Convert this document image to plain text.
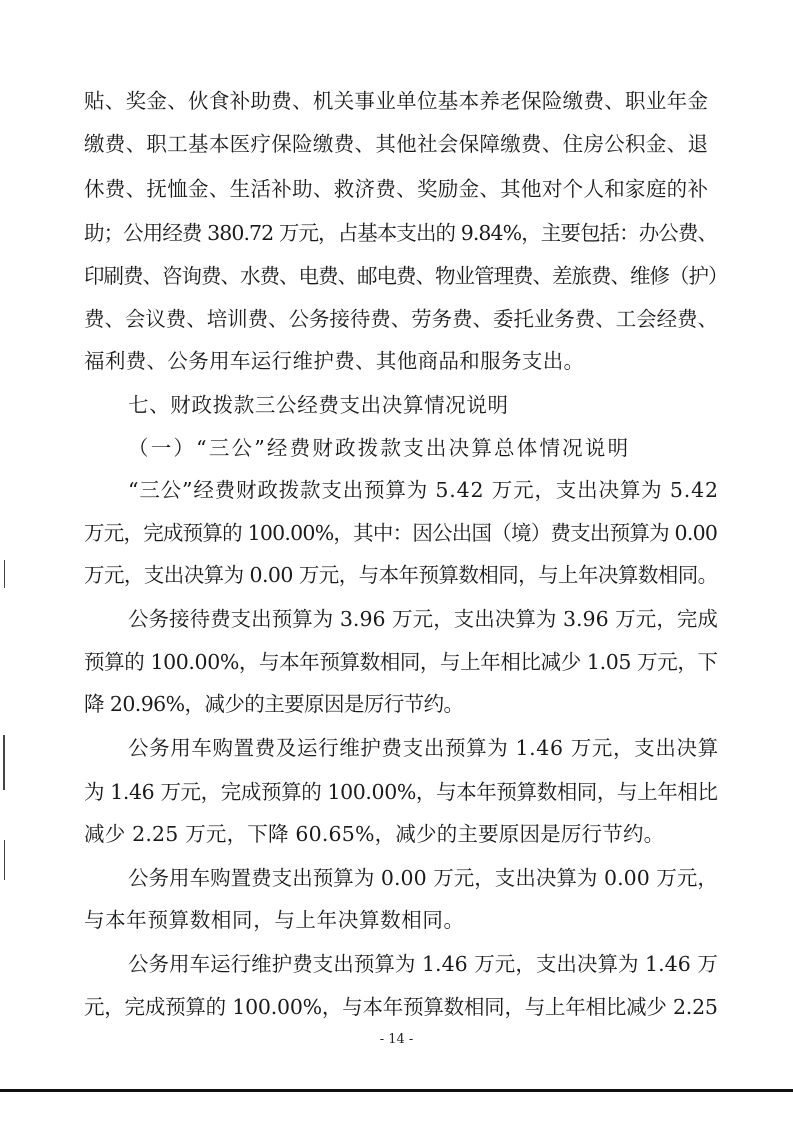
贴、奖金、伙食补助费、机关事业单位基本养老保险缴费、职业年金
缴费、职工基本医疗保险缴费、其他社会保障缴费、住房公积金、退
休费、抚恤金、生活补助、救济费、奖励金、其他对个人和家庭的补
助；公用经费 380.72 万元，占基本支出的 9.84%，主要包括：办公费、
印刷费、咨询费、水费、电费、邮电费、物业管理费、差旅费、维修（护）
费、会议费、培训费、公务接待费、劳务费、委托业务费、工会经费、
福利费、公务用车运行维护费、其他商品和服务支出。
七、财政拨款三公经费支出决算情况说明
（一）“三公”经费财政拨款支出决算总体情况说明
“三公”经费财政拨款支出预算为 5.42 万元，支出决算为 5.42
万元，完成预算的 100.00%，其中：因公出国（境）费支出预算为 0.00
万元，支出决算为 0.00 万元，与本年预算数相同，与上年决算数相同。
公务接待费支出预算为 3.96 万元，支出决算为 3.96 万元，完成
预算的 100.00%，与本年预算数相同，与上年相比减少 1.05 万元，下
降 20.96%，减少的主要原因是厉行节约。
公务用车购置费及运行维护费支出预算为 1.46 万元，支出决算
为 1.46 万元，完成预算的 100.00%，与本年预算数相同，与上年相比
减少 2.25 万元，下降 60.65%，减少的主要原因是厉行节约。
公务用车购置费支出预算为 0.00 万元，支出决算为 0.00 万元，
与本年预算数相同，与上年决算数相同。
公务用车运行维护费支出预算为 1.46 万元，支出决算为 1.46 万
元，完成预算的 100.00%，与本年预算数相同，与上年相比减少 2.25
- 14 -
